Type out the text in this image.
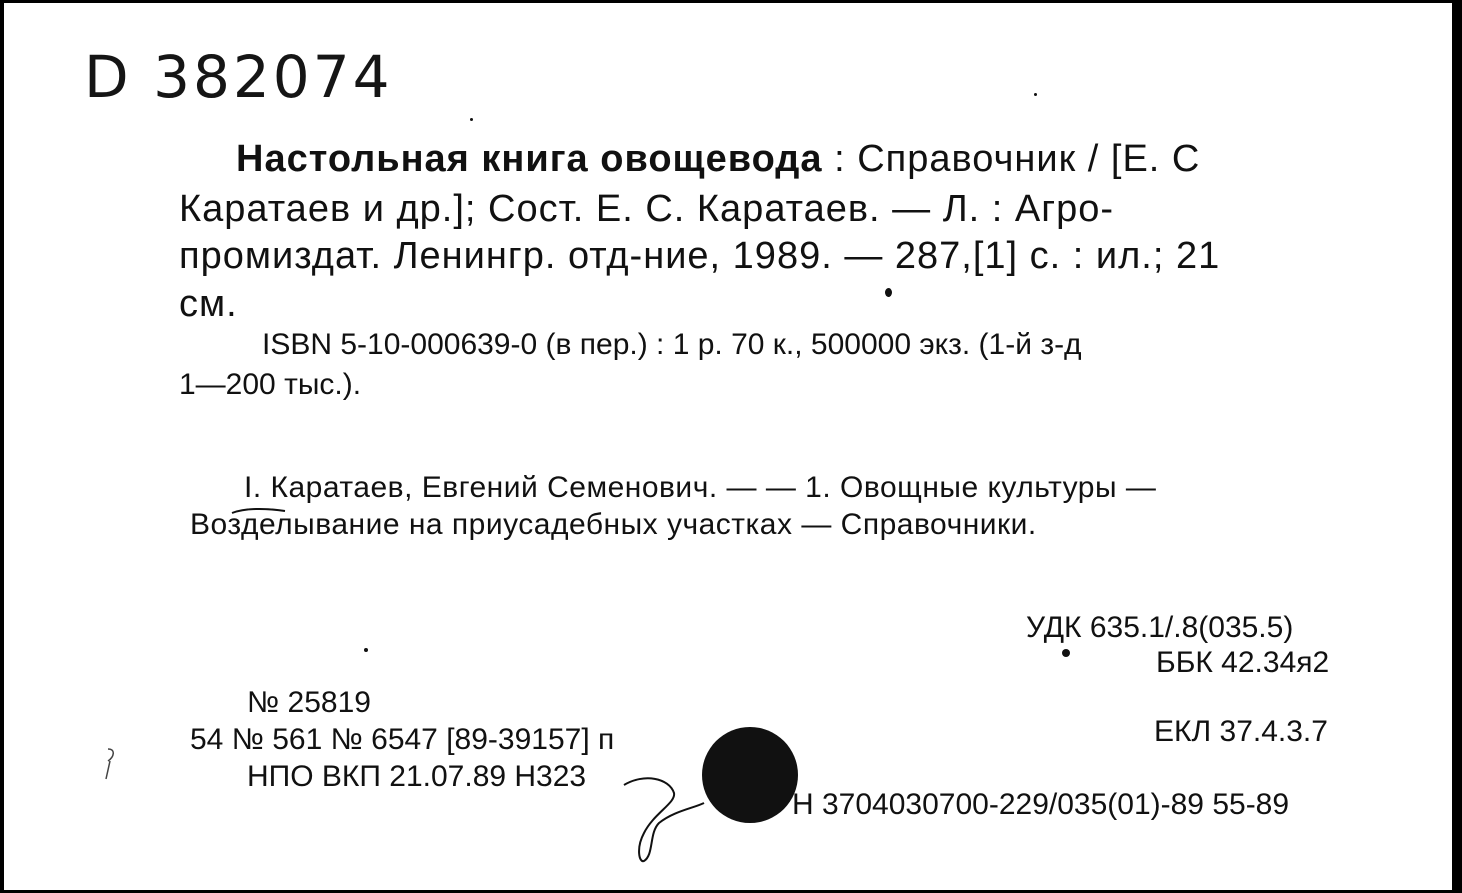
D 382074
Настольная книга овощевода : Справочник / [Е. С
Каратаев и др.]; Сост. Е. С. Каратаев. — Л. : Агро-
промиздат. Ленингр. отд-ние, 1989. — 287,[1] с. : ил.; 21
см.
ISBN 5-10-000639-0 (в пер.) : 1 р. 70 к., 500000 экз. (1-й з-д
1—200 тыс.).
I. Каратаев, Евгений Семенович. — — 1. Овощные культуры —
Возделывание на приусадебных участках — Справочники.
УДК 635.1/.8(035.5)
ББК 42.34я2
ЕКЛ 37.4.3.7
№ 25819
54 № 561 № 6547 [89-39157] п
НПО ВКП 21.07.89 Н323
Н 3704030700-229/035(01)-89 55-89
